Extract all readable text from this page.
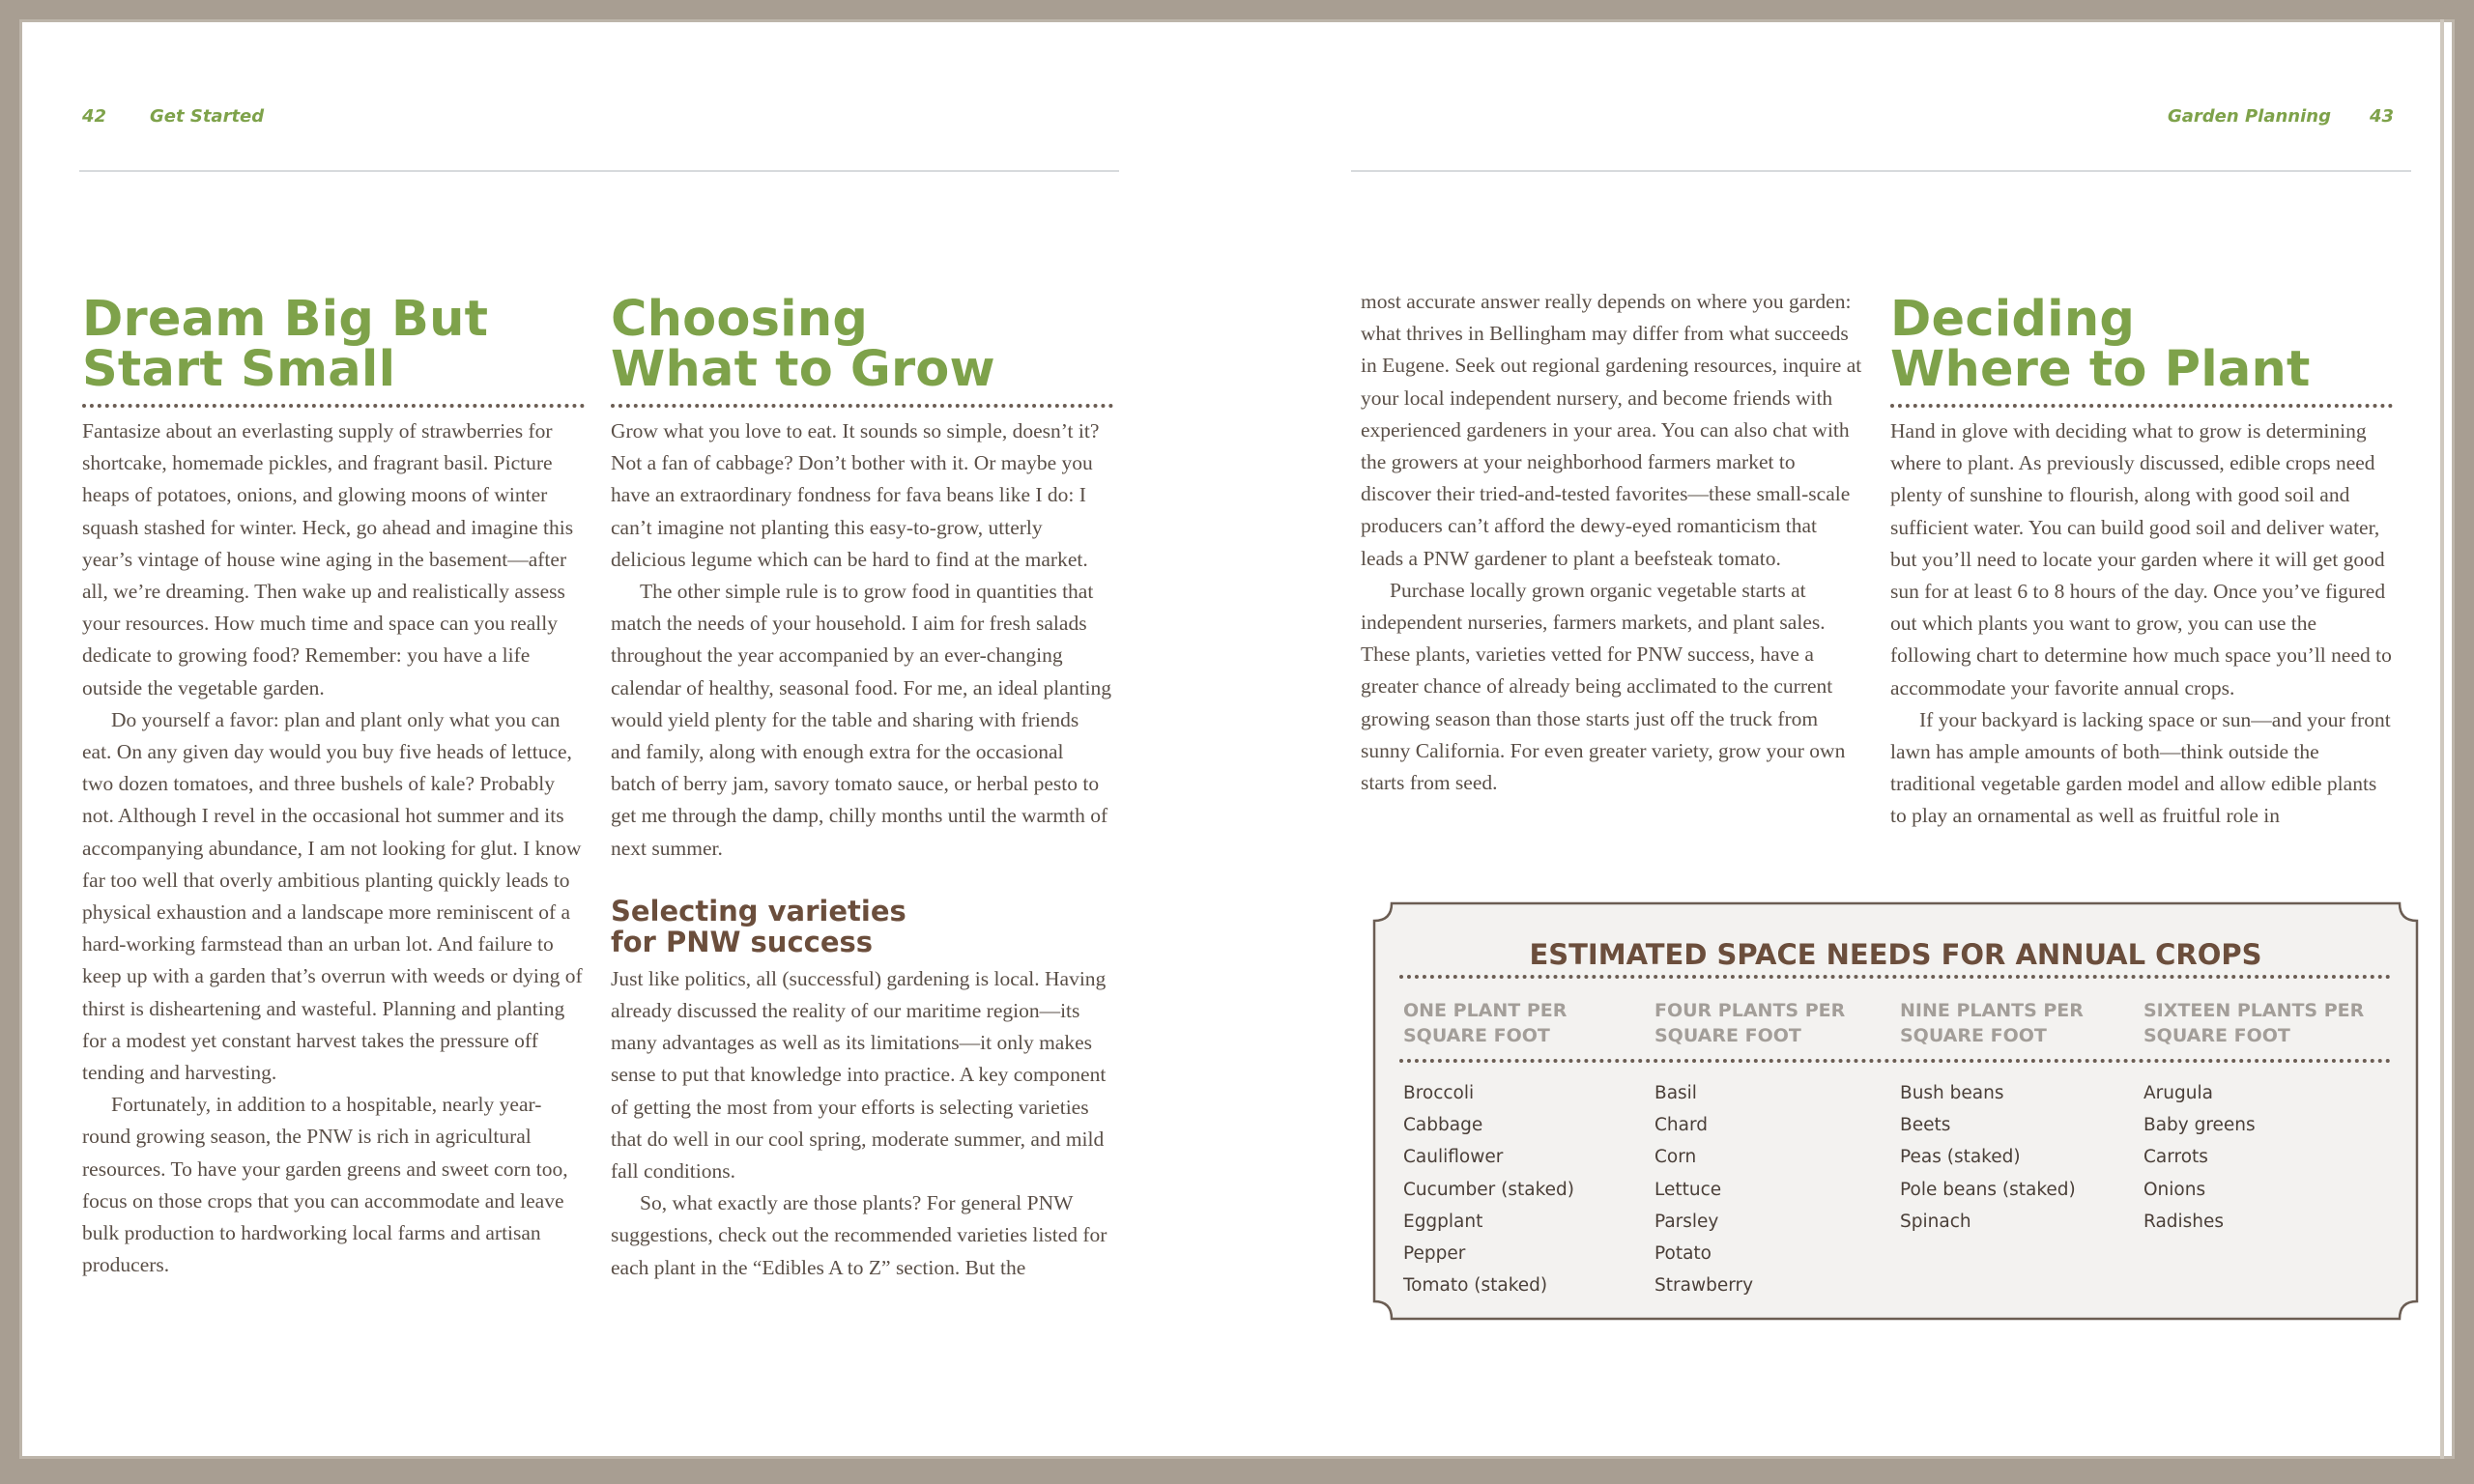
42 Get Started	Garden Planning 43
Dream Big But
Start Small

Fantasize about an everlasting supply of strawberries for shortcake, homemade pickles, and fragrant basil. Picture heaps of potatoes, onions, and glowing moons of winter squash stashed for winter. Heck, go ahead and imagine this year’s vintage of house wine aging in the basement—after all, we’re dreaming. Then wake up and realistically assess your resources. How much time and space can you really dedicate to growing food? Remember: you have a life outside the vegetable garden.

Do yourself a favor: plan and plant only what you can eat. On any given day would you buy five heads of lettuce, two dozen tomatoes, and three bushels of kale? Probably not. Although I revel in the occasional hot summer and its accompanying abundance, I am not looking for glut. I know far too well that overly ambitious planting quickly leads to physical exhaustion and a landscape more reminiscent of a hard-working farmstead than an urban lot. And failure to keep up with a garden that’s overrun with weeds or dying of thirst is disheartening and wasteful. Planning and planting for a modest yet constant harvest takes the pressure off tending and harvesting.

Fortunately, in addition to a hospitable, nearly year-round growing season, the PNW is rich in agricultural resources. To have your garden greens and sweet corn too, focus on those crops that you can accommodate and leave bulk production to hardworking local farms and artisan producers.

Choosing
What to Grow

Grow what you love to eat. It sounds so simple, doesn’t it? Not a fan of cabbage? Don’t bother with it. Or maybe you have an extraordinary fondness for fava beans like I do: I can’t imagine not planting this easy-to-grow, utterly delicious legume which can be hard to find at the market.

The other simple rule is to grow food in quantities that match the needs of your household. I aim for fresh salads throughout the year accompanied by an ever-changing calendar of healthy, seasonal food. For me, an ideal planting would yield plenty for the table and sharing with friends and family, along with enough extra for the occasional batch of berry jam, savory tomato sauce, or herbal pesto to get me through the damp, chilly months until the warmth of next summer.

Selecting varieties
for PNW success

Just like politics, all (successful) gardening is local. Having already discussed the reality of our maritime region—its many advantages as well as its limitations—it only makes sense to put that knowledge into practice. A key component of getting the most from your efforts is selecting varieties that do well in our cool spring, moderate summer, and mild fall conditions.

So, what exactly are those plants? For general PNW suggestions, check out the recommended varieties listed for each plant in the “Edibles A to Z” section. But the

most accurate answer really depends on where you garden: what thrives in Bellingham may differ from what succeeds in Eugene. Seek out regional gardening resources, inquire at your local independent nursery, and become friends with experienced gardeners in your area. You can also chat with the growers at your neighborhood farmers market to discover their tried-and-tested favorites—these small-scale producers can’t afford the dewy-eyed romanticism that leads a PNW gardener to plant a beefsteak tomato.

Purchase locally grown organic vegetable starts at independent nurseries, farmers markets, and plant sales. These plants, varieties vetted for PNW success, have a greater chance of already being acclimated to the current growing season than those starts just off the truck from sunny California. For even greater variety, grow your own starts from seed.

Deciding
Where to Plant

Hand in glove with deciding what to grow is determining where to plant. As previously discussed, edible crops need plenty of sunshine to flourish, along with good soil and sufficient water. You can build good soil and deliver water, but you’ll need to locate your garden where it will get good sun for at least 6 to 8 hours of the day. Once you’ve figured out which plants you want to grow, you can use the following chart to determine how much space you’ll need to accommodate your favorite annual crops.

If your backyard is lacking space or sun—and your front lawn has ample amounts of both—think outside the traditional vegetable garden model and allow edible plants to play an ornamental as well as fruitful role in

ESTIMATED SPACE NEEDS FOR ANNUAL CROPS
ONE PLANT PER
SQUARE FOOT
Broccoli
Cabbage
Cauliflower
Cucumber (staked)
Eggplant
Pepper
Tomato (staked)
FOUR PLANTS PER
SQUARE FOOT
Basil
Chard
Corn
Lettuce
Parsley
Potato
Strawberry
NINE PLANTS PER
SQUARE FOOT
Bush beans
Beets
Peas (staked)
Pole beans (staked)
Spinach
SIXTEEN PLANTS PER
SQUARE FOOT
Arugula
Baby greens
Carrots
Onions
Radishes
